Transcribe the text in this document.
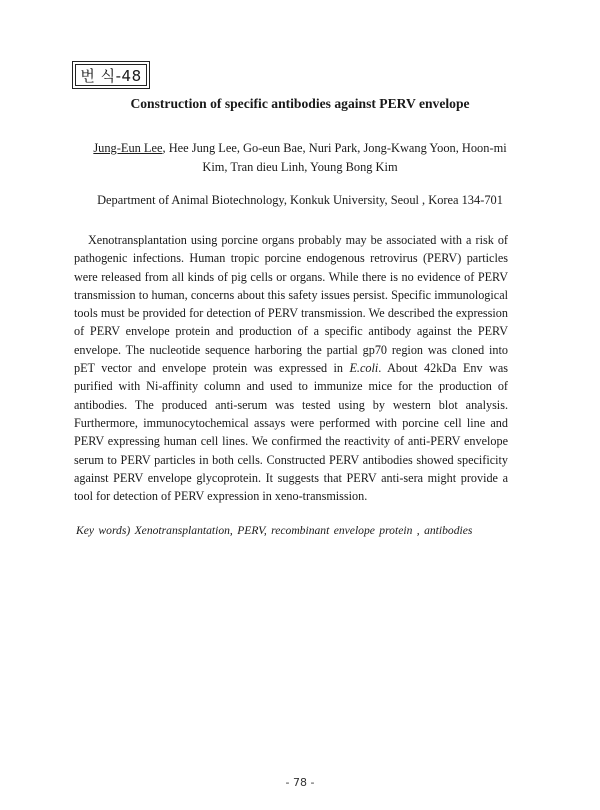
번 식-48
Construction of specific antibodies against PERV envelope
Jung-Eun Lee, Hee Jung Lee, Go-eun Bae, Nuri Park, Jong-Kwang Yoon, Hoon-mi Kim, Tran dieu Linh, Young Bong Kim
Department of Animal Biotechnology, Konkuk University, Seoul , Korea 134-701

Xenotransplantation using porcine organs probably may be associated with a risk of pathogenic infections. Human tropic porcine endogenous retrovirus (PERV) particles were released from all kinds of pig cells or organs. While there is no evidence of PERV transmission to human, concerns about this safety issues persist. Specific immunological tools must be provided for detection of PERV transmission. We described the expression of PERV envelope protein and production of a specific antibody against the PERV envelope. The nucleotide sequence harboring the partial gp70 region was cloned into pET vector and envelope protein was expressed in E.coli. About 42kDa Env was purified with Ni-affinity column and used to immunize mice for the production of antibodies. The produced anti-serum was tested using by western blot analysis. Furthermore, immunocytochemical assays were performed with porcine cell line and PERV expressing human cell lines. We confirmed the reactivity of anti-PERV envelope serum to PERV particles in both cells. Constructed PERV antibodies showed specificity against PERV envelope glycoprotein. It suggests that PERV anti-sera might provide a tool for detection of PERV expression in xeno-transmission.

Key words) Xenotransplantation, PERV, recombinant envelope protein , antibodies
- 78 -
